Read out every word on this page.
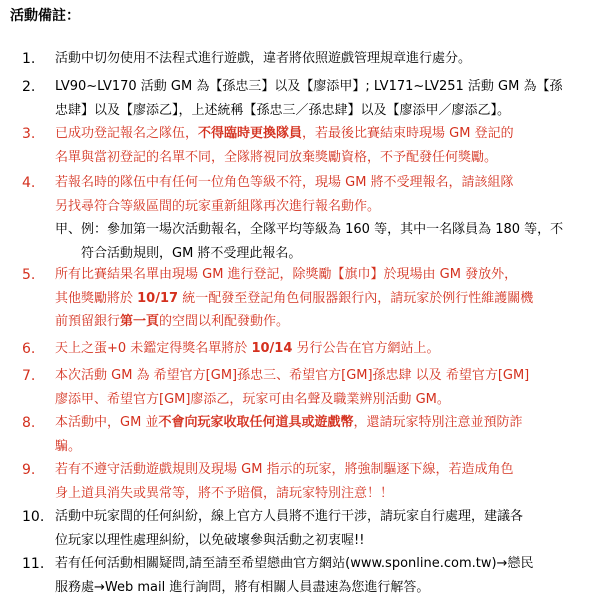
活動備註：
1. 活動中切勿使用不法程式進行遊戲，違者將依照遊戲管理規章進行處分。
2. LV90~LV170 活動 GM 為【孫忠三】以及【廖添甲】; LV171~LV251 活動 GM 為【孫
忠肆】以及【廖添乙】，上述統稱【孫忠三／孫忠肆】以及【廖添甲／廖添乙】。
3. 已成功登記報名之隊伍，不得臨時更換隊員，若最後比賽結束時現場 GM 登記的
名單與當初登記的名單不同，全隊將視同放棄獎勵資格，不予配發任何獎勵。
4. 若報名時的隊伍中有任何一位角色等級不符，現場 GM 將不受理報名，請該組隊
另找尋符合等級區間的玩家重新組隊再次進行報名動作。
甲、例：參加第一場次活動報名，全隊平均等級為 160 等，其中一名隊員為 180 等，不
　　符合活動規則，GM 將不受理此報名。
5. 所有比賽結果名單由現場 GM 進行登記，除獎勵【旗巾】於現場由 GM 發放外，
其他獎勵將於 10/17 統一配發至登記角色伺服器銀行內，請玩家於例行性維護關機
前預留銀行第一頁的空間以利配發動作。
6. 天上之蛋+0 未鑑定得獎名單將於 10/14 另行公告在官方網站上。
7. 本次活動 GM 為 希望官方[GM]孫忠三、希望官方[GM]孫忠肆 以及 希望官方[GM]
廖添甲、希望官方[GM]廖添乙，玩家可由名聲及職業辨別活動 GM。
8. 本活動中，GM 並不會向玩家收取任何道具或遊戲幣，還請玩家特別注意並預防詐
騙。
9. 若有不遵守活動遊戲規則及現場 GM 指示的玩家，將強制驅逐下線，若造成角色
身上道具消失或異常等，將不予賠償，請玩家特別注意！！
10. 活動中玩家間的任何糾紛，線上官方人員將不進行干涉，請玩家自行處理，建議各
位玩家以理性處理糾紛，以免破壞參與活動之初衷喔!!
11. 若有任何活動相關疑問,請至請至希望戀曲官方網站(www.sponline.com.tw)→戀民
服務處→Web mail 進行詢問，將有相關人員盡速為您進行解答。
